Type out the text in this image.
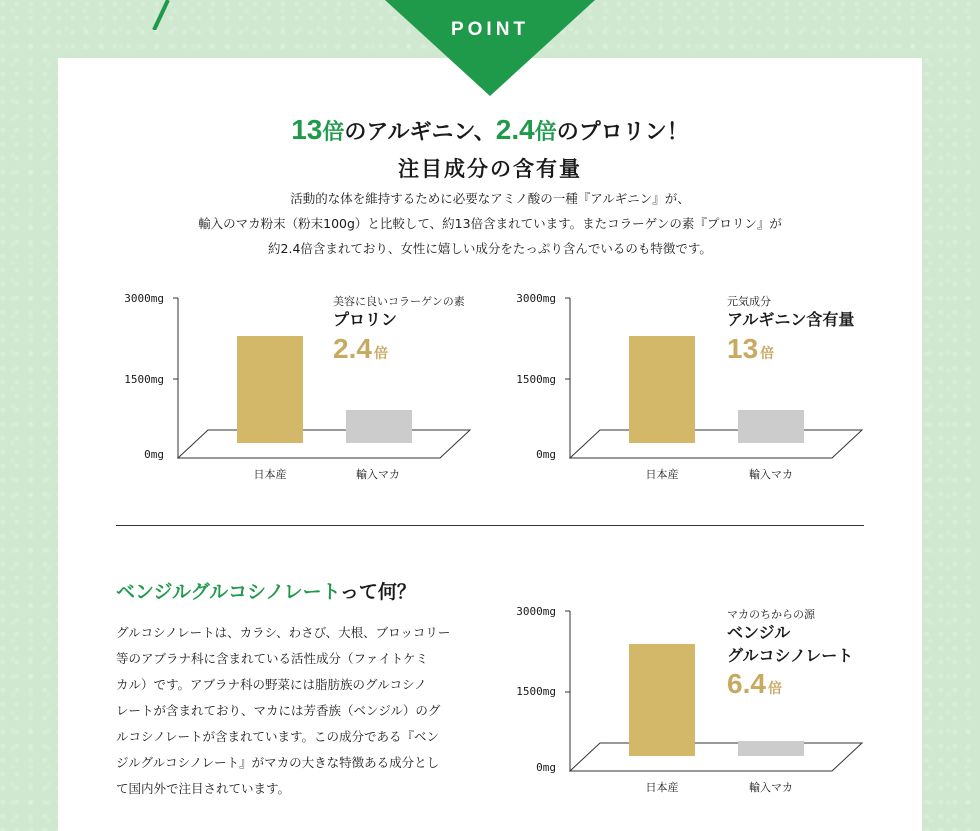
POINT
13倍のアルギニン、2.4倍のプロリン！
注目成分の含有量
活動的な体を維持するために必要なアミノ酸の一種『アルギニン』が、
輸入のマカ粉末（粉末100g）と比較して、約13倍含まれています。またコラーゲンの素『プロリン』が
約2.4倍含まれており、女性に嬉しい成分をたっぷり含んでいるのも特徴です。
3000mg
1500mg
0mg
美容に良いコラーゲンの素
プロリン
2.4 倍
日本産	輸入マカ
3000mg
1500mg
0mg
元気成分
アルギニン含有量
13 倍
日本産	輸入マカ
ベンジルグルコシノレートって何？
グルコシノレートは、カラシ、わさび、大根、ブロッコリー
等のアブラナ科に含まれている活性成分（ファイトケミ
カル）です。アブラナ科の野菜には脂肪族のグルコシノ
レートが含まれており、マカには芳香族（ベンジル）のグ
ルコシノレートが含まれています。この成分である『ベン
ジルグルコシノレート』がマカの大きな特徴ある成分とし
て国内外で注目されています。
3000mg
1500mg
0mg
マカのちからの源
ベンジル
グルコシノレート
6.4 倍
日本産	輸入マカ
